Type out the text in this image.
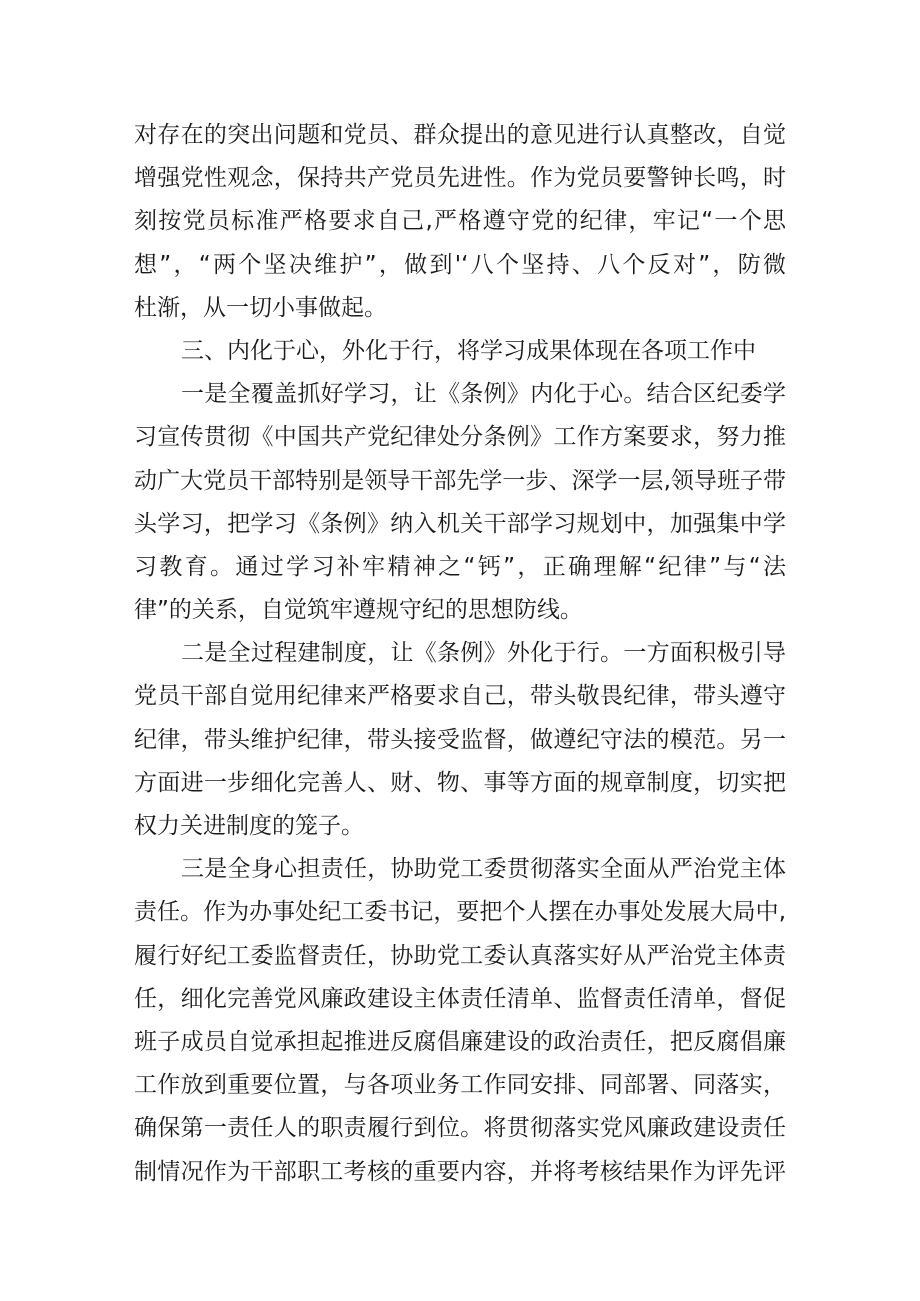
对存在的突出问题和党员、群众提出的意见进行认真整改，自觉
增强党性观念，保持共产党员先进性。作为党员要警钟长鸣，时
刻按党员标准严格要求自己,严格遵守党的纪律，牢记“一个思
想”，“两个坚决维护”，做到'‘八个坚持、八个反对”，防微
杜渐，从一切小事做起。
三、内化于心，外化于行，将学习成果体现在各项工作中
一是全覆盖抓好学习，让《条例》内化于心。结合区纪委学
习宣传贯彻《中国共产党纪律处分条例》工作方案要求，努力推
动广大党员干部特别是领导干部先学一步、深学一层,领导班子带
头学习，把学习《条例》纳入机关干部学习规划中，加强集中学
习教育。通过学习补牢精神之“钙”，正确理解“纪律”与“法
律”的关系，自觉筑牢遵规守纪的思想防线。
二是全过程建制度，让《条例》外化于行。一方面积极引导
党员干部自觉用纪律来严格要求自己，带头敬畏纪律，带头遵守
纪律，带头维护纪律，带头接受监督，做遵纪守法的模范。另一
方面进一步细化完善人、财、物、事等方面的规章制度，切实把
权力关进制度的笼子。
三是全身心担责任，协助党工委贯彻落实全面从严治党主体
责任。作为办事处纪工委书记，要把个人摆在办事处发展大局中,
履行好纪工委监督责任，协助党工委认真落实好从严治党主体责
任，细化完善党风廉政建设主体责任清单、监督责任清单，督促
班子成员自觉承担起推进反腐倡廉建设的政治责任，把反腐倡廉
工作放到重要位置，与各项业务工作同安排、同部署、同落实，
确保第一责任人的职责履行到位。将贯彻落实党风廉政建设责任
制情况作为干部职工考核的重要内容，并将考核结果作为评先评
